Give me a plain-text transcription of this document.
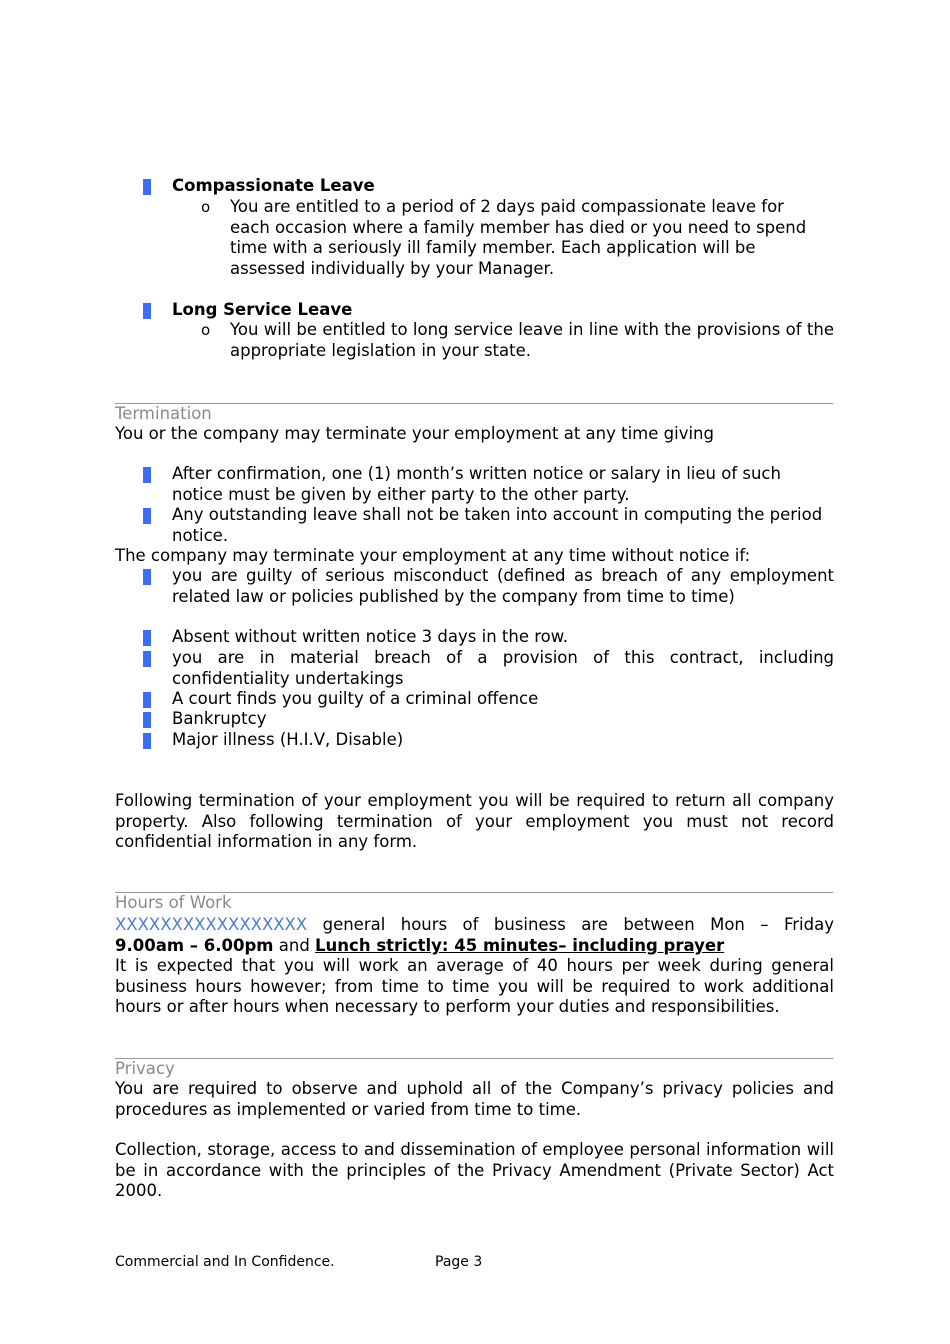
Compassionate Leave
o You are entitled to a period of 2 days paid compassionate leave for each occasion where a family member has died or you need to spend time with a seriously ill family member. Each application will be assessed individually by your Manager.
Long Service Leave
o You will be entitled to long service leave in line with the provisions of the appropriate legislation in your state.
Termination
You or the company may terminate your employment at any time giving
After confirmation, one (1) month’s written notice or salary in lieu of such notice must be given by either party to the other party.
Any outstanding leave shall not be taken into account in computing the period notice.
The company may terminate your employment at any time without notice if:
you are guilty of serious misconduct (defined as breach of any employment related law or policies published by the company from time to time)
Absent without written notice 3 days in the row.
you are in material breach of a provision of this contract, including confidentiality undertakings
A court finds you guilty of a criminal offence
Bankruptcy
Major illness (H.I.V, Disable)
Following termination of your employment you will be required to return all company property. Also following termination of your employment you must not record confidential information in any form.
Hours of Work
XXXXXXXXXXXXXXXXX general hours of business are between Mon – Friday
9.00am – 6.00pm and Lunch strictly: 45 minutes– including prayer
It is expected that you will work an average of 40 hours per week during general business hours however; from time to time you will be required to work additional hours or after hours when necessary to perform your duties and responsibilities.
Privacy
You are required to observe and uphold all of the Company’s privacy policies and procedures as implemented or varied from time to time.
Collection, storage, access to and dissemination of employee personal information will be in accordance with the principles of the Privacy Amendment (Private Sector) Act 2000.
Commercial and In Confidence.	Page 3
